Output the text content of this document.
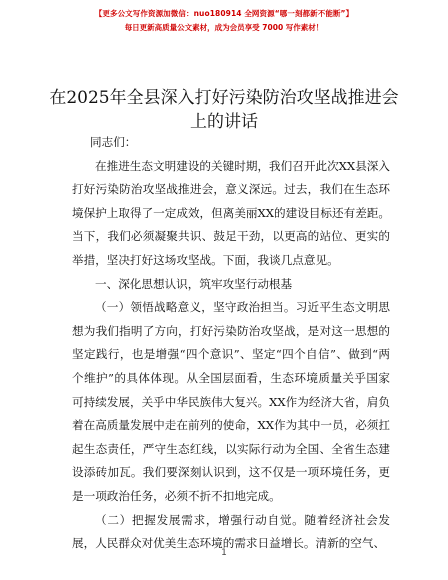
【更多公文写作资源加微信：nuo180914 全网资源“哪一刻都新不能断”】
每日更新高质量公文素材，成为会员享受 7000 写作素材！
在2025年全县深入打好污染防治攻坚战推进会上的讲话

同志们：

在推进生态文明建设的关键时期，我们召开此次XX县深入打好污染防治攻坚战推进会，意义深远。过去，我们在生态环境保护上取得了一定成效，但离美丽XX的建设目标还有差距。当下，我们必须凝聚共识、鼓足干劲，以更高的站位、更实的举措，坚决打好这场攻坚战。下面，我谈几点意见。

一、深化思想认识，筑牢攻坚行动根基

（一）领悟战略意义，坚守政治担当。习近平生态文明思想为我们指明了方向，打好污染防治攻坚战，是对这一思想的坚定践行，也是增强“四个意识”、坚定“四个自信”、做到“两个维护”的具体体现。从全国层面看，生态环境质量关乎国家可持续发展，关乎中华民族伟大复兴。XX作为经济大省，肩负着在高质量发展中走在前列的使命，XX作为其中一员，必须扛起生态责任，严守生态红线，以实际行动为全国、全省生态建设添砖加瓦。我们要深刻认识到，这不仅是一项环境任务，更是一项政治任务，必须不折不扣地完成。

（二）把握发展需求，增强行动自觉。随着经济社会发展，人民群众对优美生态环境的需求日益增长。清新的空气、

1
